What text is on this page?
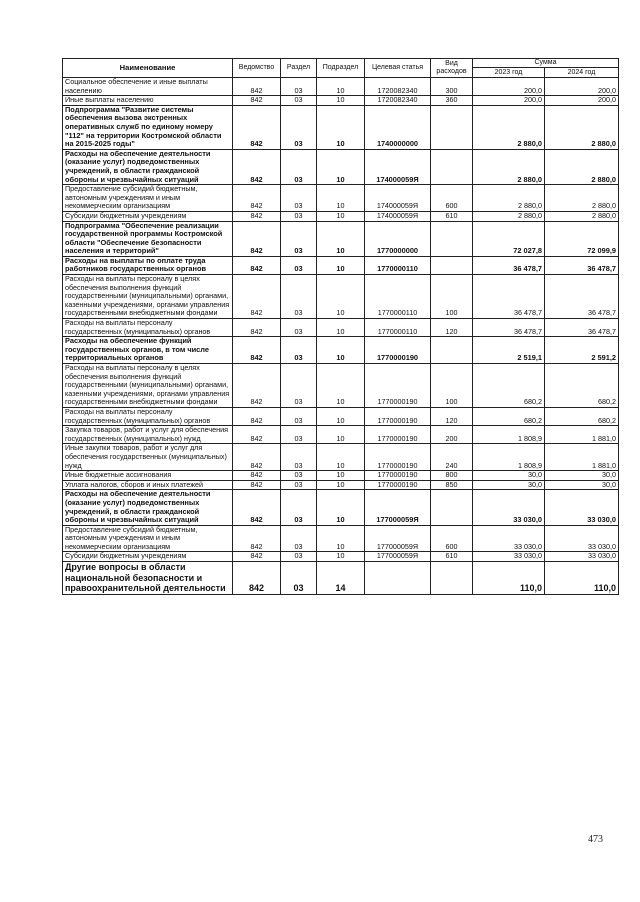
Наименование	Ведомство	Раздел	Подраздел	Целевая статья	Вид расходов	Сумма	
						2023 год	2024 год
Социальное обеспечение и иные выплаты населению	842	03	10	1720082340	300	200,0	200,0
Иные выплаты населению	842	03	10	1720082340	360	200,0	200,0
Подпрограмма "Развитие системы обеспечения вызова экстренных оперативных служб по единому номеру "112" на территории Костромской области на 2015-2025 годы"	842	03	10	1740000000		2 880,0	2 880,0
Расходы на обеспечение деятельности (оказание услуг) подведомственных учреждений, в области гражданской обороны и чрезвычайных ситуаций	842	03	10	174000059Я		2 880,0	2 880,0
Предоставление субсидий бюджетным, автономным учреждениям и иным некоммерческим организациям	842	03	10	174000059Я	600	2 880,0	2 880,0
Субсидии бюджетным учреждениям	842	03	10	174000059Я	610	2 880,0	2 880,0
Подпрограмма "Обеспечение реализации государственной программы Костромской области "Обеспечение безопасности населения и территорий"	842	03	10	1770000000		72 027,8	72 099,9
Расходы на выплаты по оплате труда работников государственных органов	842	03	10	1770000110		36 478,7	36 478,7
Расходы на выплаты персоналу в целях обеспечения выполнения функций государственными (муниципальными) органами, казенными учреждениями, органами управления государственными внебюджетными фондами	842	03	10	1770000110	100	36 478,7	36 478,7
Расходы на выплаты персоналу государственных (муниципальных) органов	842	03	10	1770000110	120	36 478,7	36 478,7
Расходы на обеспечение функций государственных органов, в том числе территориальных органов	842	03	10	1770000190		2 519,1	2 591,2
Расходы на выплаты персоналу в целях обеспечения выполнения функций государственными (муниципальными) органами, казенными учреждениями, органами управления государственными внебюджетными фондами	842	03	10	1770000190	100	680,2	680,2
Расходы на выплаты персоналу государственных (муниципальных) органов	842	03	10	1770000190	120	680,2	680,2
Закупка товаров, работ и услуг для обеспечения государственных (муниципальных) нужд	842	03	10	1770000190	200	1 808,9	1 881,0
Иные закупки товаров, работ и услуг для обеспечения государственных (муниципальных) нужд	842	03	10	1770000190	240	1 808,9	1 881,0
Иные бюджетные ассигнования	842	03	10	1770000190	800	30,0	30,0
Уплата налогов, сборов и иных платежей	842	03	10	1770000190	850	30,0	30,0
Расходы на обеспечение деятельности (оказание услуг) подведомственных учреждений, в области гражданской обороны и чрезвычайных ситуаций	842	03	10	177000059Я		33 030,0	33 030,0
Предоставление субсидий бюджетным, автономным учреждениям и иным некоммерческим организациям	842	03	10	177000059Я	600	33 030,0	33 030,0
Субсидии бюджетным учреждениям	842	03	10	177000059Я	610	33 030,0	33 030,0
Другие вопросы в области национальной безопасности и правоохранительной деятельности	842	03	14			110,0	110,0
473
